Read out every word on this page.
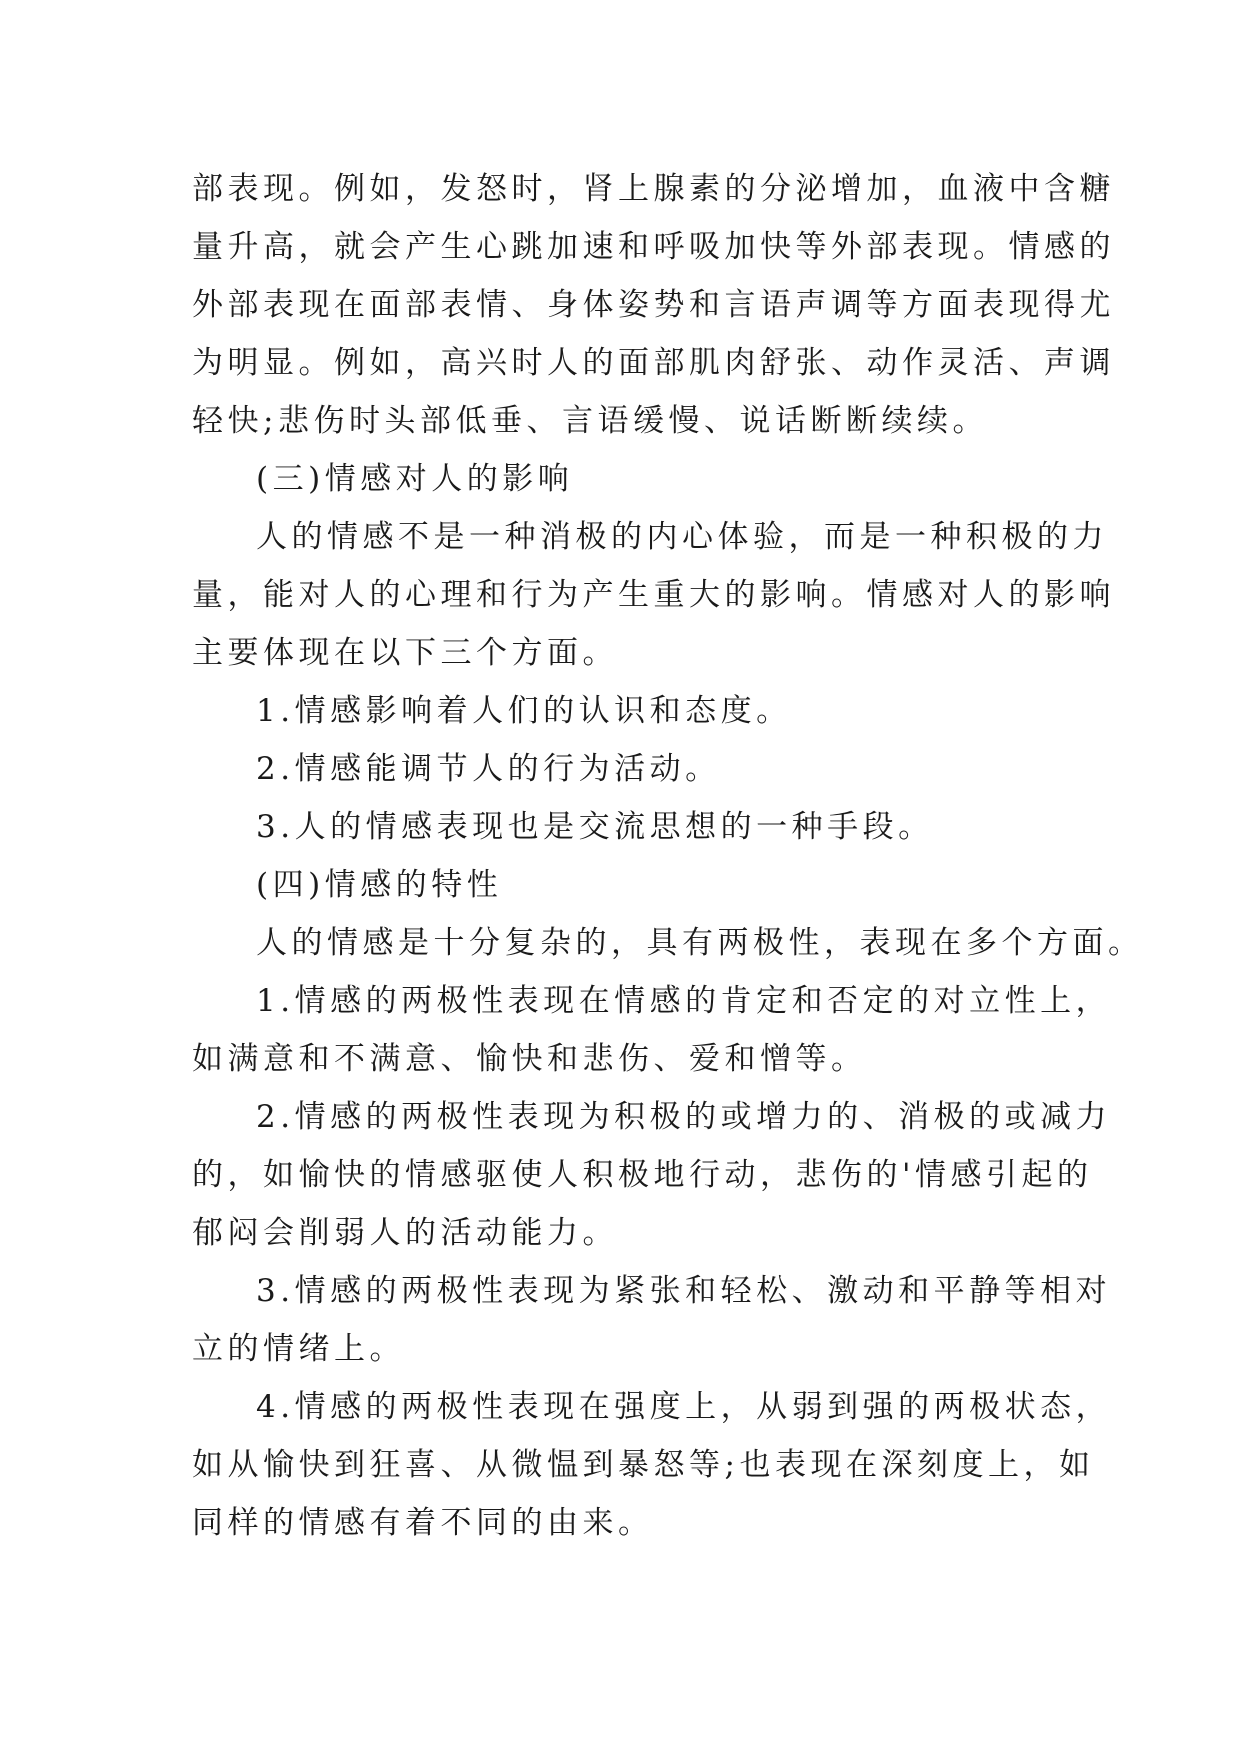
部表现。例如，发怒时，肾上腺素的分泌增加，血液中含糖
量升高，就会产生心跳加速和呼吸加快等外部表现。情感的
外部表现在面部表情、身体姿势和言语声调等方面表现得尤
为明显。例如，高兴时人的面部肌肉舒张、动作灵活、声调
轻快;悲伤时头部低垂、言语缓慢、说话断断续续。
(三)情感对人的影响
人的情感不是一种消极的内心体验，而是一种积极的力
量，能对人的心理和行为产生重大的影响。情感对人的影响
主要体现在以下三个方面。
1.情感影响着人们的认识和态度。
2.情感能调节人的行为活动。
3.人的情感表现也是交流思想的一种手段。
(四)情感的特性
人的情感是十分复杂的，具有两极性，表现在多个方面。
1.情感的两极性表现在情感的肯定和否定的对立性上，
如满意和不满意、愉快和悲伤、爱和憎等。
2.情感的两极性表现为积极的或增力的、消极的或减力
的，如愉快的情感驱使人积极地行动，悲伤的'情感引起的
郁闷会削弱人的活动能力。
3.情感的两极性表现为紧张和轻松、激动和平静等相对
立的情绪上。
4.情感的两极性表现在强度上，从弱到强的两极状态，
如从愉快到狂喜、从微愠到暴怒等;也表现在深刻度上，如
同样的情感有着不同的由来。
